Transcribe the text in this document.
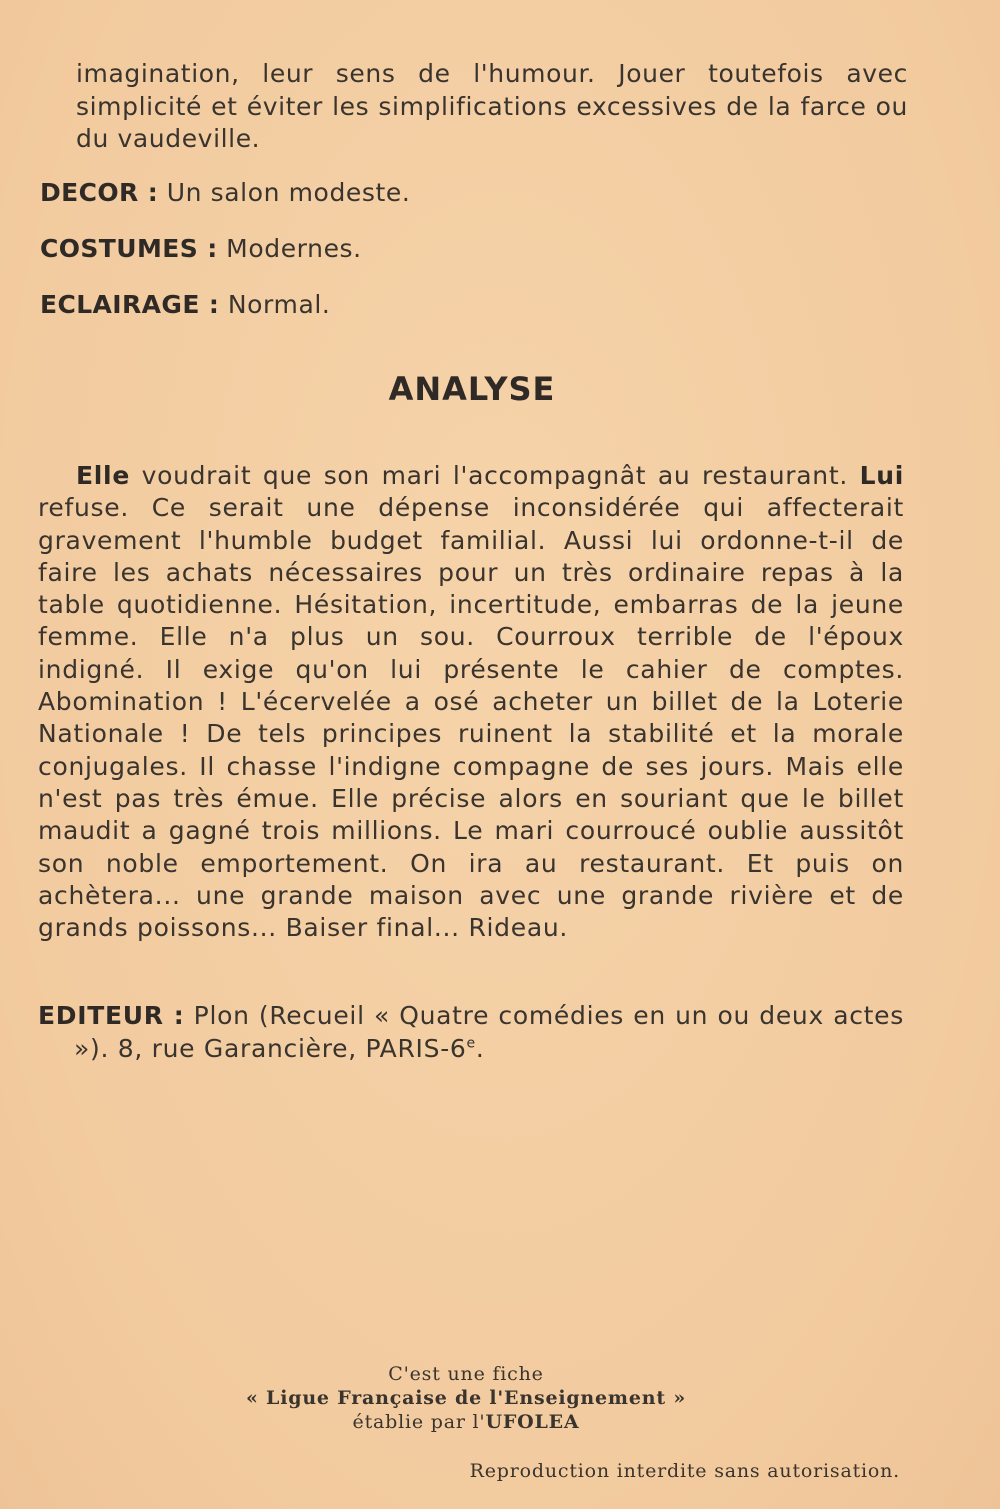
imagination, leur sens de l'humour. Jouer toutefois avec simplicité et éviter les simplifications excessives de la farce ou du vaudeville.
DECOR : Un salon modeste.
COSTUMES : Modernes.
ECLAIRAGE : Normal.
ANALYSE
Elle voudrait que son mari l'accompagnât au restaurant. Lui refuse. Ce serait une dépense inconsidérée qui affecterait gravement l'humble budget familial. Aussi lui ordonne-t-il de faire les achats nécessaires pour un très ordinaire repas à la table quotidienne. Hésitation, incertitude, embarras de la jeune femme. Elle n'a plus un sou. Courroux terrible de l'époux indigné. Il exige qu'on lui présente le cahier de comptes. Abomination ! L'écervelée a osé acheter un billet de la Loterie Nationale ! De tels principes ruinent la stabilité et la morale conjugales. Il chasse l'indigne compagne de ses jours. Mais elle n'est pas très émue. Elle précise alors en souriant que le billet maudit a gagné trois millions. Le mari courroucé oublie aussitôt son noble emportement. On ira au restaurant. Et puis on achètera... une grande maison avec une grande rivière et de grands poissons... Baiser final... Rideau.
EDITEUR : Plon (Recueil « Quatre comédies en un ou deux actes »). 8, rue Garancière, PARIS-6e.
C'est une fiche
« Ligue Française de l'Enseignement »
établie par l'UFOLEA
Reproduction interdite sans autorisation.
